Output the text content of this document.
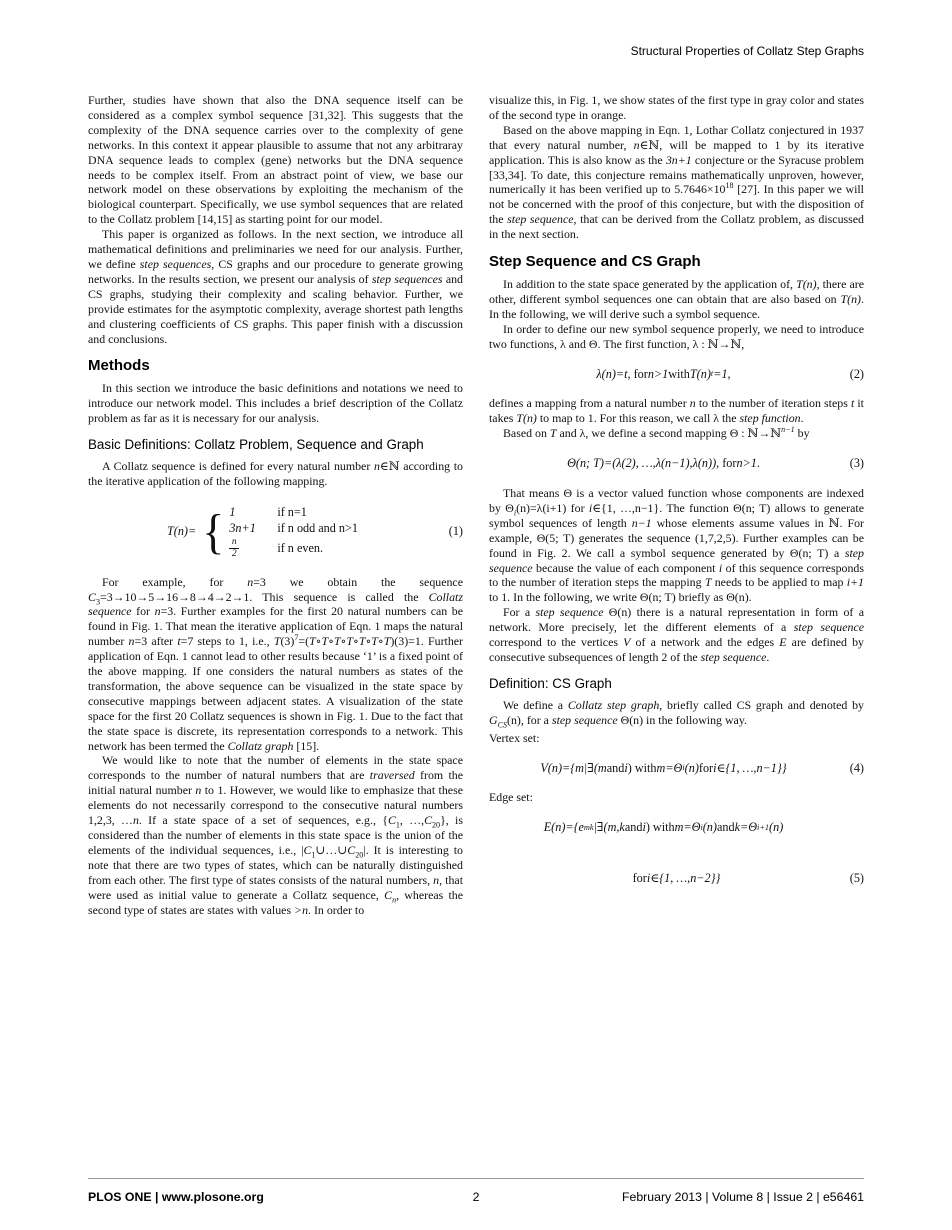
Structural Properties of Collatz Step Graphs

Further, studies have shown that also the DNA sequence itself can be considered as a complex symbol sequence [31,32]. This suggests that the complexity of the DNA sequence carries over to the complexity of gene networks. In this context it appear plausible to assume that not any arbitraray DNA sequence leads to complex (gene) networks but the DNA sequence needs to be complex itself. From an abstract point of view, we base our network model on these observations by exploiting the mechanism of the biological counterpart. Specifically, we use symbol sequences that are related to the Collatz problem [14,15] as starting point for our model.

This paper is organized as follows. In the next section, we introduce all mathematical definitions and preliminaries we need for our analysis. Further, we define step sequences, CS graphs and our procedure to generate growing networks. In the results section, we present our analysis of step sequences and CS graphs, studying their complexity and scaling behavior. Further, we provide estimates for the asymptotic complexity, average shortest path lengths and clustering coefficients of CS graphs. This paper finish with a discussion and conclusions.

Methods

In this section we introduce the basic definitions and notations we need to introduce our network model. This includes a brief description of the Collatz problem as far as it is necessary for our analysis.

Basic Definitions: Collatz Problem, Sequence and Graph

A Collatz sequence is defined for every natural number n∈ℕ according to the iterative application of the following mapping.

T(n)= { 1	if n=1
3n+1	if n odd and n>1
$\frac{n}{2}$	if n even.
(1)

For example, for n=3 we obtain the sequence $C_3=3\to 10\to 5\to 16\to 8\to 4\to 2\to 1$. This sequence is called the Collatz sequence for n=3. Further examples for the first 20 natural numbers can be found in Fig. 1. That mean the iterative application of Eqn. 1 maps the natural number n=3 after t=7 steps to 1, i.e., $T(3)^7=(T\circ T\circ T\circ T\circ T\circ T\circ T)(3)=1$. Further application of Eqn. 1 cannot lead to other results because ‘1’ is a fixed point of the above mapping. If one considers the natural numbers as states of the transformation, the above sequence can be visualized in the state space by consecutive mappings between adjacent states. A visualization of the state space for the first 20 Collatz sequences is shown in Fig. 1. Due to the fact that the state space is discrete, its representation corresponds to a network. This network has been termed the Collatz graph [15].

We would like to note that the number of elements in the state space corresponds to the number of natural numbers that are traversed from the initial natural number n to 1. However, we would like to emphasize that these elements do not necessarily correspond to the consecutive natural numbers 1,2,3, …n. If a state space of a set of sequences, e.g., {$C_1$, $\dots,C_{20}$}, is considered than the number of elements in this state space is the union of the elements of the individual sequences, i.e., $|C_1\cup\dots\cup C_{20}|$. It is interesting to note that there are two types of states, which can be naturally distinguished from each other. The first type of states consists of the natural numbers, n, that were used as initial value to generate a Collatz sequence, $C_n$, whereas the second type of states are states with values >n. In order to

visualize this, in Fig. 1, we show states of the first type in gray color and states of the second type in orange.

Based on the above mapping in Eqn. 1, Lothar Collatz conjectured in 1937 that every natural number, n∈ℕ, will be mapped to 1 by its iterative application. This is also know as the 3n+1 conjecture or the Syracuse problem [33,34]. To date, this conjecture remains mathematically unproven, however, numerically it has been verified up to $5.7646\times 10^{18}$ [27]. In this paper we will not be concerned with the proof of this conjecture, but with the disposition of the step sequence, that can be derived from the Collatz problem, as discussed in the next section.

Step Sequence and CS Graph

In addition to the state space generated by the application of, T(n), there are other, different symbol sequences one can obtain that are also based on T(n). In the following, we will derive such a symbol sequence.

In order to define our new symbol sequence properly, we need to introduce two functions, λ and Θ. The first function, λ : ℕ→ℕ,

λ(n)=t , for n>1 with T(n) t =1,	(2)

defines a mapping from a natural number n to the number of iteration steps t it takes T(n) to map to 1. For this reason, we call λ the step function.

Based on T and λ, we define a second mapping Θ : ℕ→ℕ$^{n-1}$ by

Θ(n; T)=(λ(2), …,λ(n−1),λ(n)) , for n>1 .	(3)

That means Θ is a vector valued function whose components are indexed by $\Theta_i(n)=\lambda(i+1)$ for i∈{1, …,n−1}. The function Θ(n; T) allows to generate symbol sequences of length n−1 whose elements assume values in ℕ. For example, Θ(5; T) generates the sequence (1,7,2,5). Further examples can be found in Fig. 2. We call a symbol sequence generated by Θ(n; T) a step sequence because the value of each component i of this sequence corresponds to the number of iteration steps the mapping T needs to be applied to map i+1 to 1. In the following, we write Θ(n; T) briefly as Θ(n).

For a step sequence Θ(n) there is a natural representation in form of a network. More precisely, let the different elements of a step sequence correspond to the vertices V of a network and the edges E are defined by consecutive subsequences of length 2 of the step sequence.

Definition: CS Graph

We define a Collatz step graph, briefly called CS graph and denoted by $G_{CS}(n)$, for a step sequence Θ(n) in the following way.

Vertex set:

V(n)={m|∃(m and i ) with m=Θ i (n) for i ∈{1, …,n−1}}	(4)

Edge set:

E(n)={e mk |∃(m,k and i ) with m=Θ i (n) and k=Θ i+1 (n)
for i ∈{1, …,n−2}}	(5)
PLOS ONE | www.plosone.org	2	February 2013 | Volume 8 | Issue 2 | e56461
